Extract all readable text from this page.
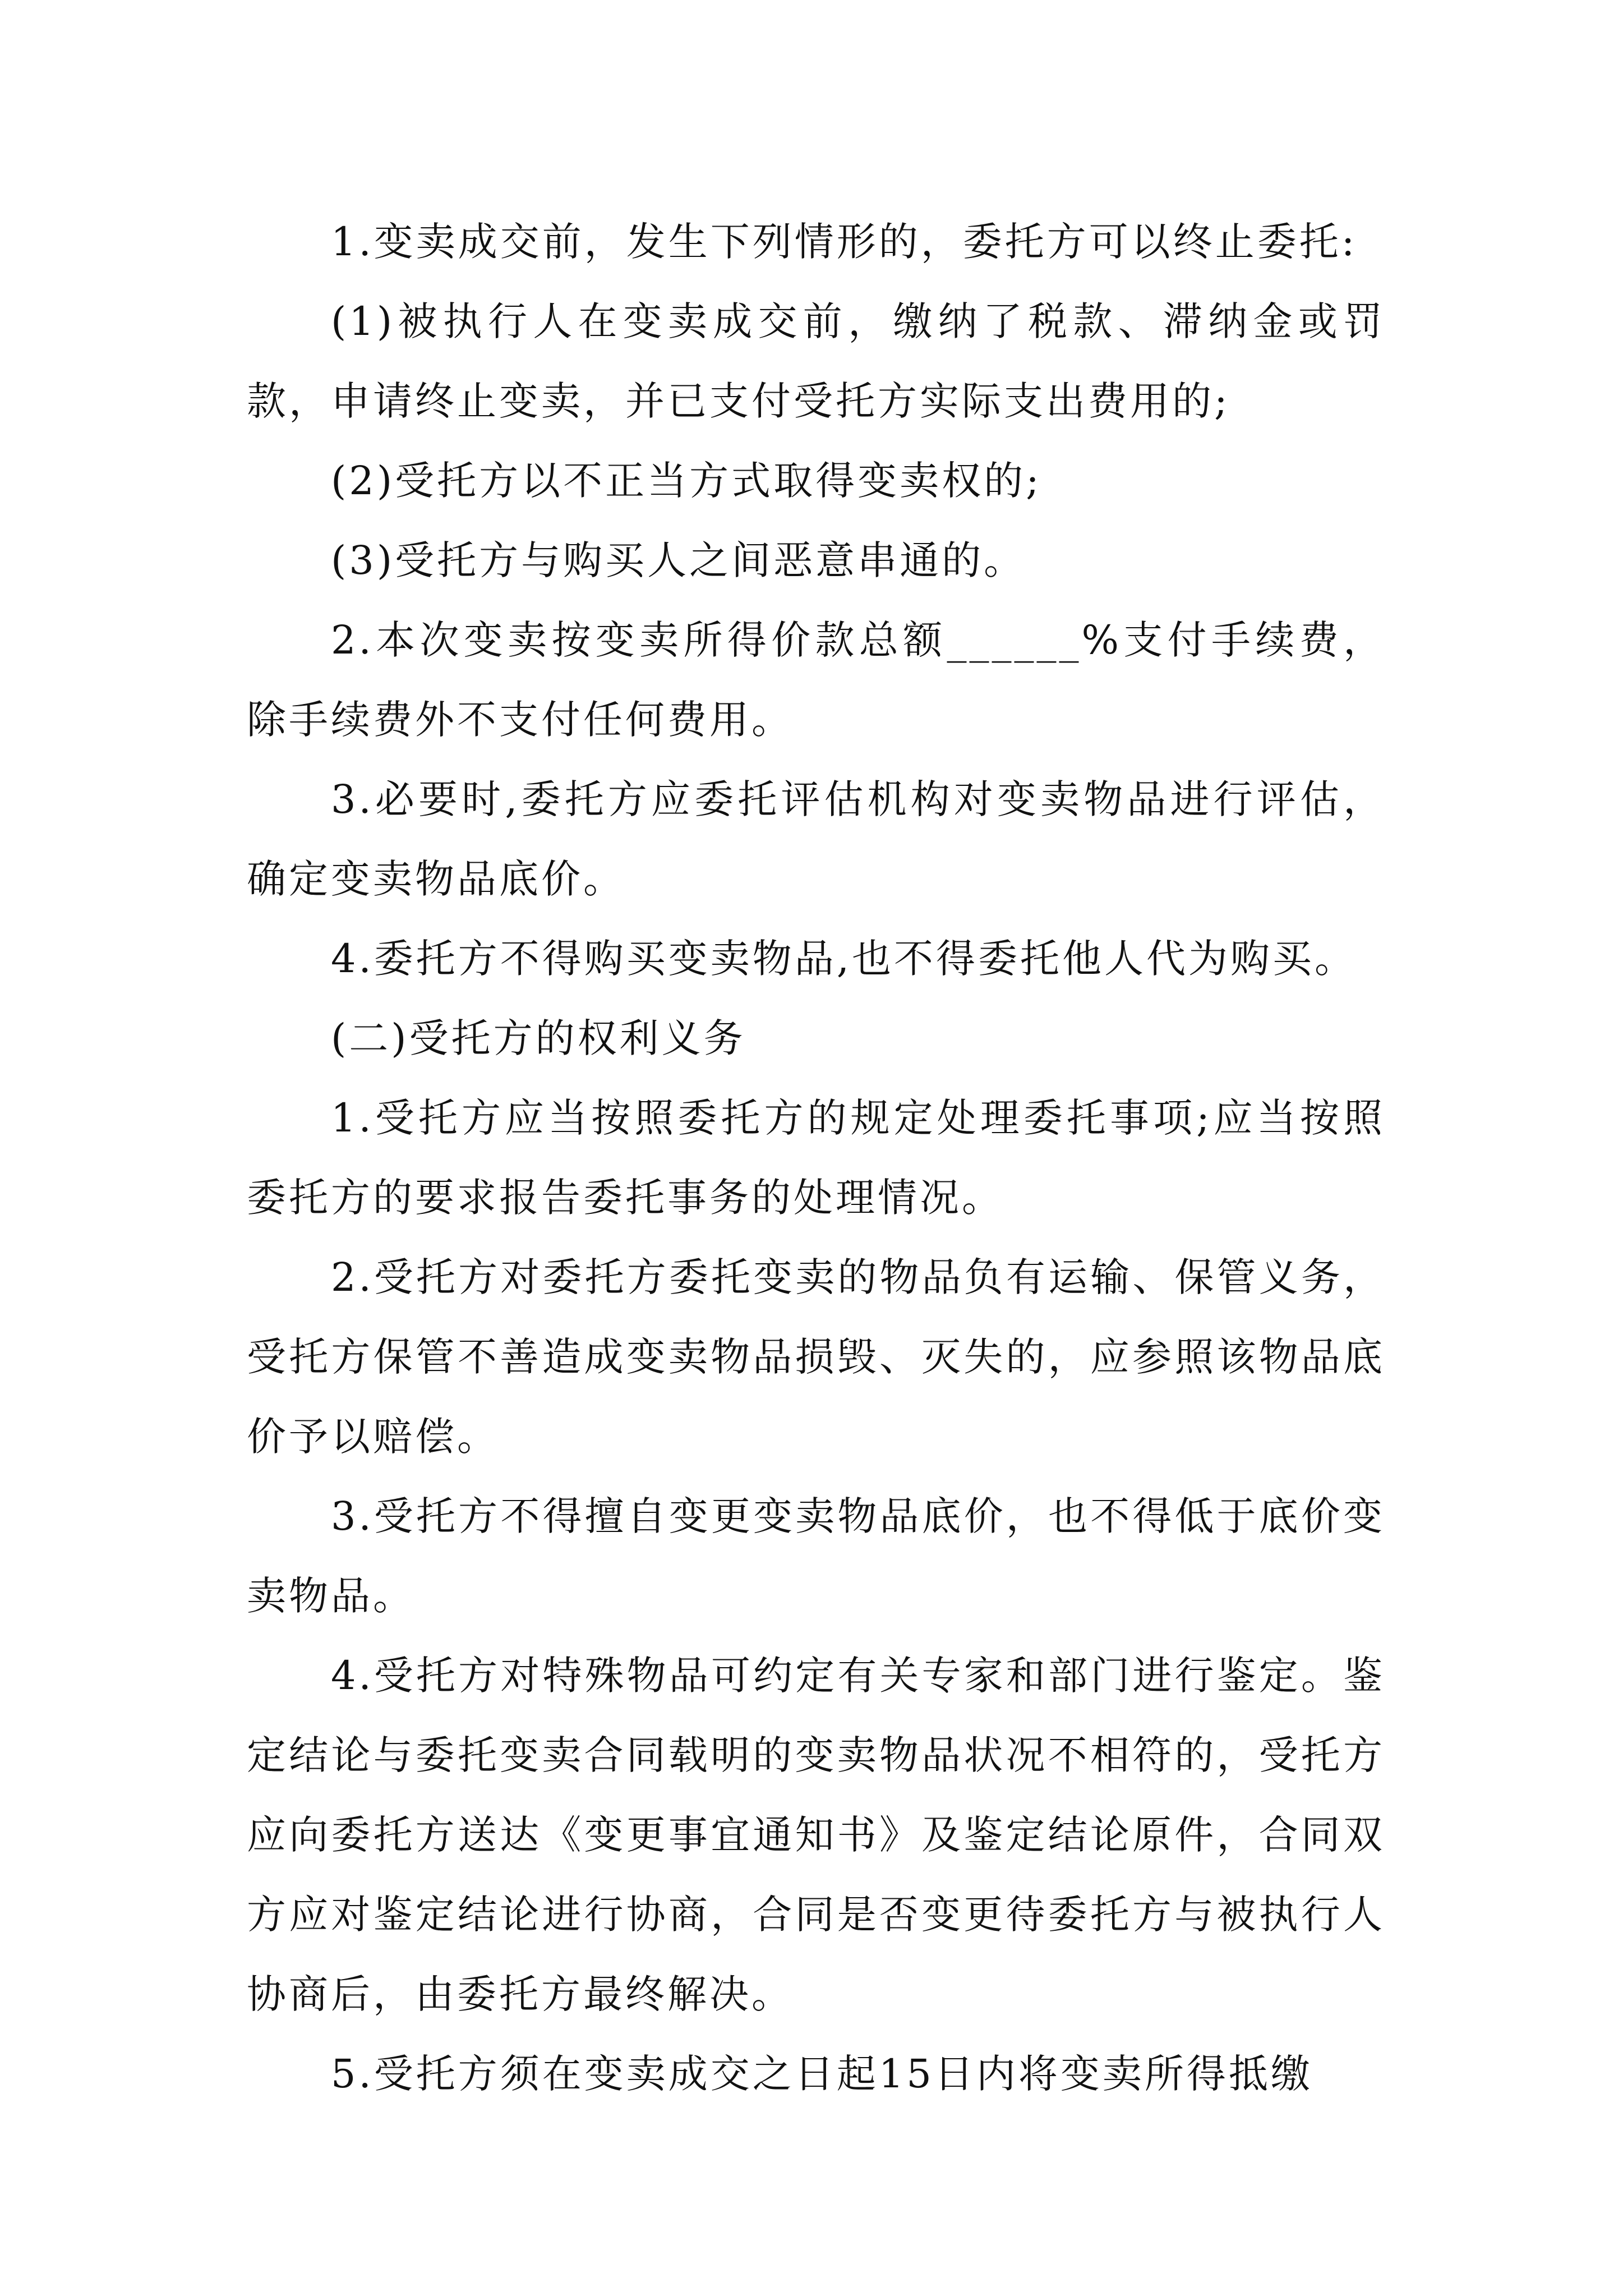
1.变卖成交前，发生下列情形的，委托方可以终止委托:

(1)被执行人在变卖成交前，缴纳了税款、滞纳金或罚款，申请终止变卖，并已支付受托方实际支出费用的;

(2)受托方以不正当方式取得变卖权的;

(3)受托方与购买人之间恶意串通的。

2.本次变卖按变卖所得价款总额______%支付手续费，除手续费外不支付任何费用。

3.必要时,委托方应委托评估机构对变卖物品进行评估，确定变卖物品底价。

4.委托方不得购买变卖物品,也不得委托他人代为购买。

(二)受托方的权利义务

1.受托方应当按照委托方的规定处理委托事项;应当按照委托方的要求报告委托事务的处理情况。

2.受托方对委托方委托变卖的物品负有运输、保管义务，受托方保管不善造成变卖物品损毁、灭失的，应参照该物品底价予以赔偿。

3.受托方不得擅自变更变卖物品底价，也不得低于底价变卖物品。

4.受托方对特殊物品可约定有关专家和部门进行鉴定。鉴定结论与委托变卖合同载明的变卖物品状况不相符的，受托方应向委托方送达《变更事宜通知书》及鉴定结论原件，合同双方应对鉴定结论进行协商，合同是否变更待委托方与被执行人协商后，由委托方最终解决。

5.受托方须在变卖成交之日起15日内将变卖所得抵缴
